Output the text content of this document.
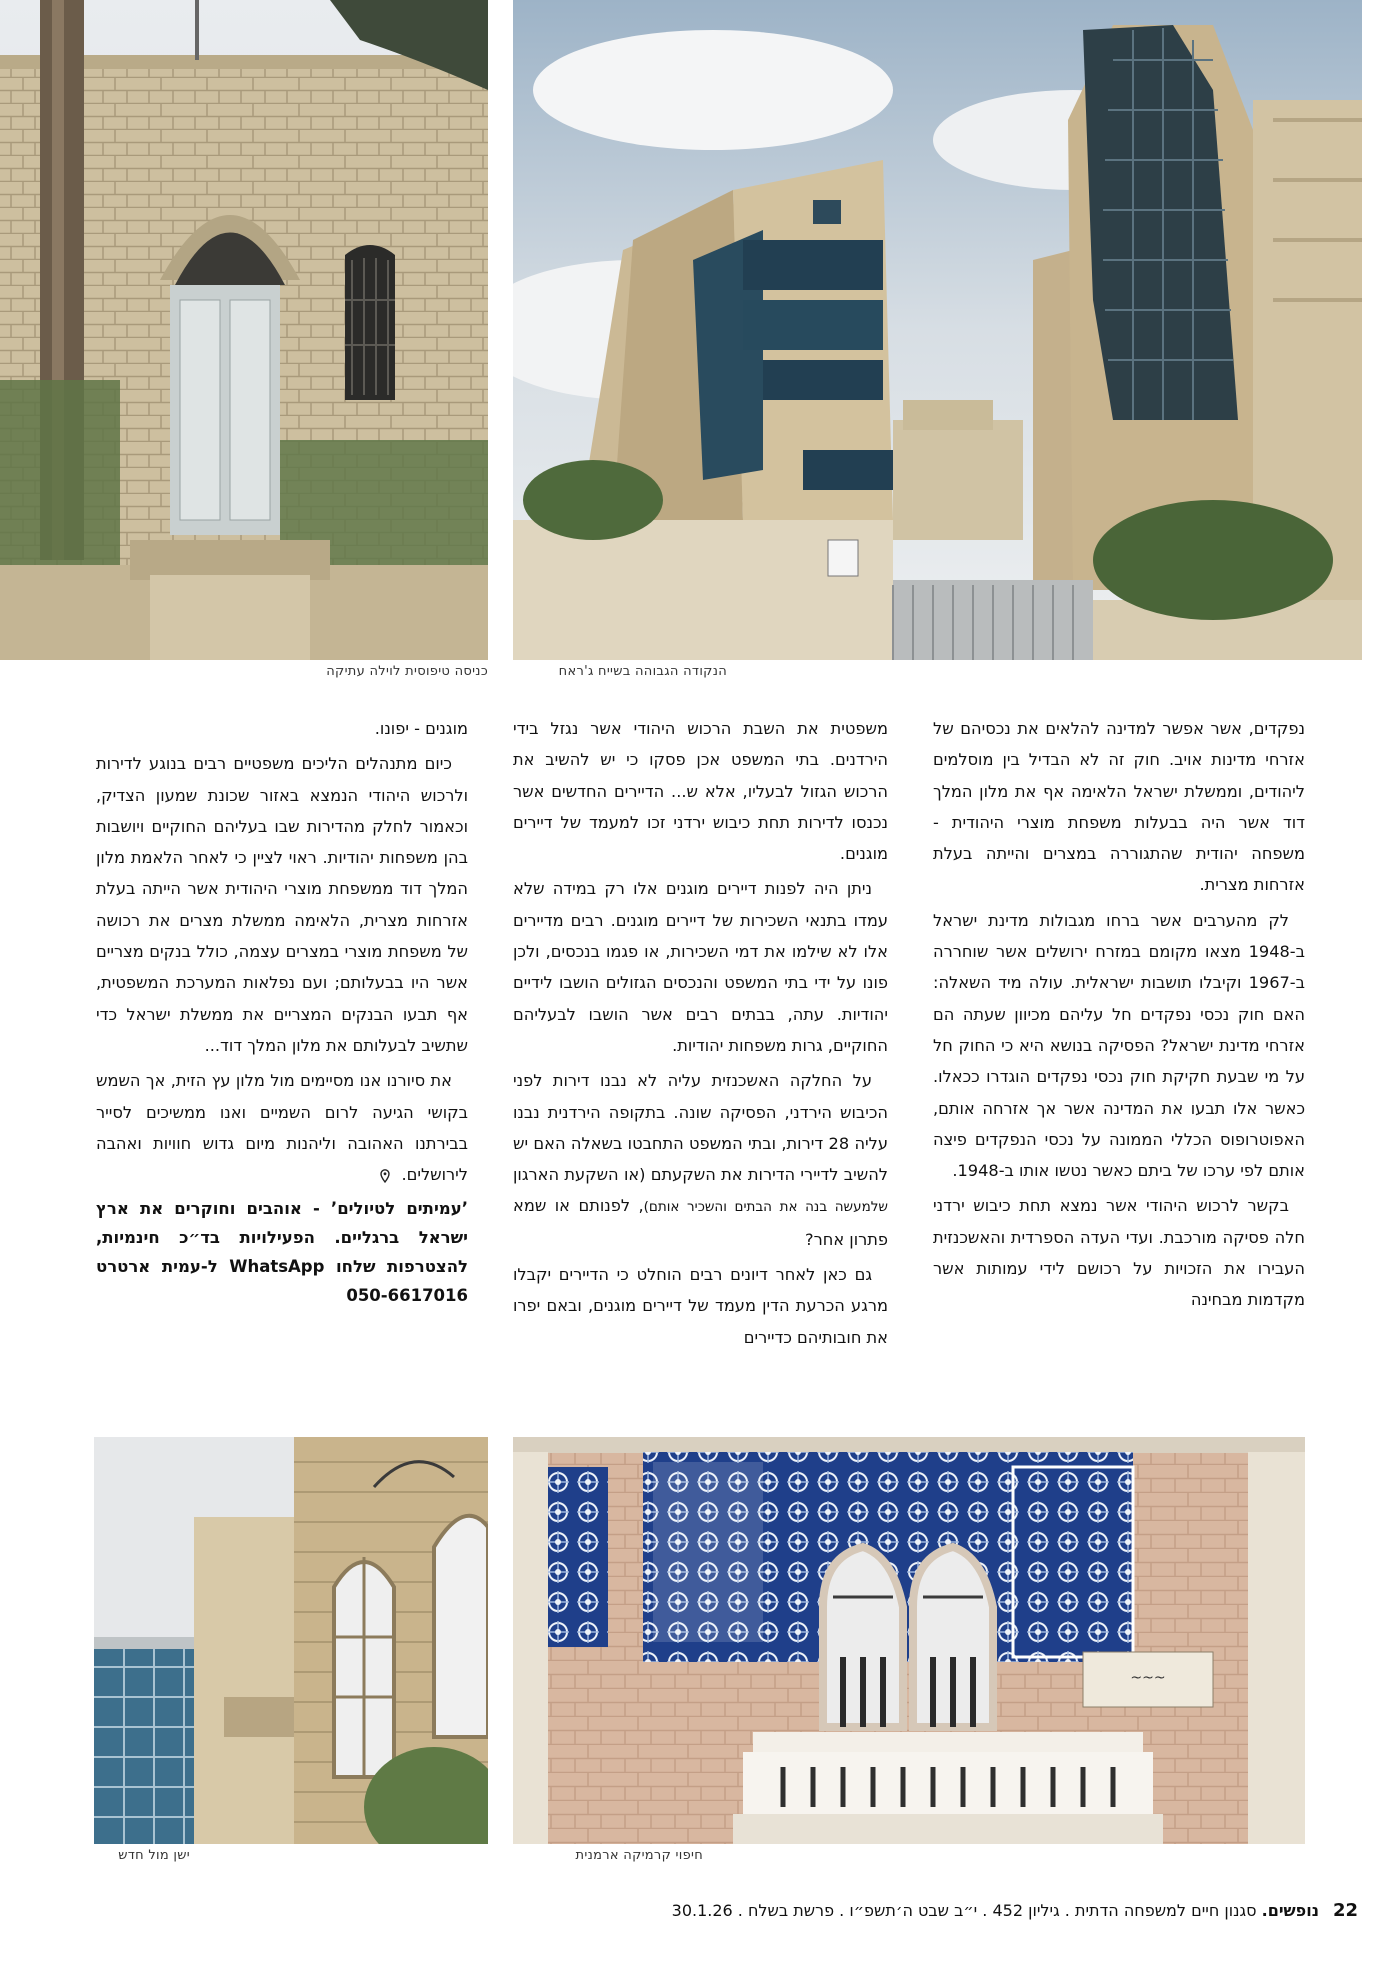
כניסה טיפוסית לוילה עתיקה	הנקודה הגבוהה בשייח ג'ראח

נפקדים, אשר אפשר למדינה להלאים את נכסיהם של אזרחי מדינות אויב. חוק זה לא הבדיל בין מוסלמים ליהודים, וממשלת ישראל הלאימה אף את מלון המלך דוד אשר היה בבעלות משפחת מוצרי היהודית - משפחה יהודית שהתגוררה במצרים והייתה בעלת אזרחות מצרית.

לק מהערבים אשר ברחו מגבולות מדינת ישראל ב-1948 מצאו מקומם במזרח ירושלים אשר שוחררה ב-1967 וקיבלו תושבות ישראלית. עולה מיד השאלה: האם חוק נכסי נפקדים חל עליהם מכיוון שעתה הם אזרחי מדינת ישראל? הפסיקה בנושא היא כי החוק חל על מי שבעת חקיקת חוק נכסי נפקדים הוגדרו ככאלו. כאשר אלו תבעו את המדינה אשר אך אזרחה אותם, האפוטרופוס הכללי הממונה על נכסי הנפקדים פיצה אותם לפי ערכו של ביתם כאשר נטשו אותו ב-1948.

בקשר לרכוש היהודי אשר נמצא תחת כיבוש ירדני חלה פסיקה מורכבת. ועדי העדה הספרדית והאשכנזית העבירו את הזכויות על רכושם לידי עמותות אשר מקדמות מבחינה

משפטית את השבת הרכוש היהודי אשר נגזל בידי הירדנים. בתי המשפט אכן פסקו כי יש להשיב את הרכוש הגזול לבעליו, אלא ש... הדיירים החדשים אשר נכנסו לדירות תחת כיבוש ירדני זכו למעמד של דיירים מוגנים.

ניתן היה לפנות דיירים מוגנים אלו רק במידה שלא עמדו בתנאי השכירות של דיירים מוגנים. רבים מדיירים אלו לא שילמו את דמי השכירות, או פגמו בנכסים, ולכן פונו על ידי בתי המשפט והנכסים הגזולים הושבו לידיים יהודיות. עתה, בבתים רבים אשר הושבו לבעליהם החוקיים, גרות משפחות יהודיות.

על החלקה האשכנזית עליה לא נבנו דירות לפני הכיבוש הירדני, הפסיקה שונה. בתקופה הירדנית נבנו עליה 28 דירות, ובתי המשפט התחבטו בשאלה האם יש להשיב לדיירי הדירות את השקעתם (או השקעת הארגון שלמעשה בנה את הבתים והשכיר אותם), לפנותם או שמא פתרון אחר?

גם כאן לאחר דיונים רבים הוחלט כי הדיירים יקבלו מרגע הכרעת הדין מעמד של דיירים מוגנים, ובאם יפרו את חובותיהם כדיירים

מוגנים - יפונו.

כיום מתנהלים הליכים משפטיים רבים בנוגע לדירות ולרכוש היהודי הנמצא באזור שכונת שמעון הצדיק, וכאמור לחלק מהדירות שבו בעליהם החוקיים ויושבות בהן משפחות יהודיות. ראוי לציין כי לאחר הלאמת מלון המלך דוד ממשפחת מוצרי היהודית אשר הייתה בעלת אזרחות מצרית, הלאימה ממשלת מצרים את רכושה של משפחת מוצרי במצרים עצמה, כולל בנקים מצריים אשר היו בבעלותם; ועם נפלאות המערכת המשפטית, אף תבעו הבנקים המצריים את ממשלת ישראל כדי שתשיב לבעלותם את מלון המלך דוד...

את סיורנו אנו מסיימים מול מלון עץ הזית, אך השמש בקושי הגיעה לרום השמיים ואנו ממשיכים לסייר בבירתנו האהובה וליהנות מיום גדוש חוויות ואהבה לירושלים.

’עמיתים לטיולים’ - אוהבים וחוקרים את ארץ ישראל ברגליים. הפעילויות בד״כ חינמיות, להצטרפות שלחו WhatsApp ל-עמית ארטרט 050-6617016

~~~
ישן מול חדש	חיפוי קרמיקה ארמנית
22
נופשים. סגנון חיים למשפחה הדתית . גיליון 452 . י״ב שבט ה׳תשפ״ו . פרשת בשלח . 30.1.26
